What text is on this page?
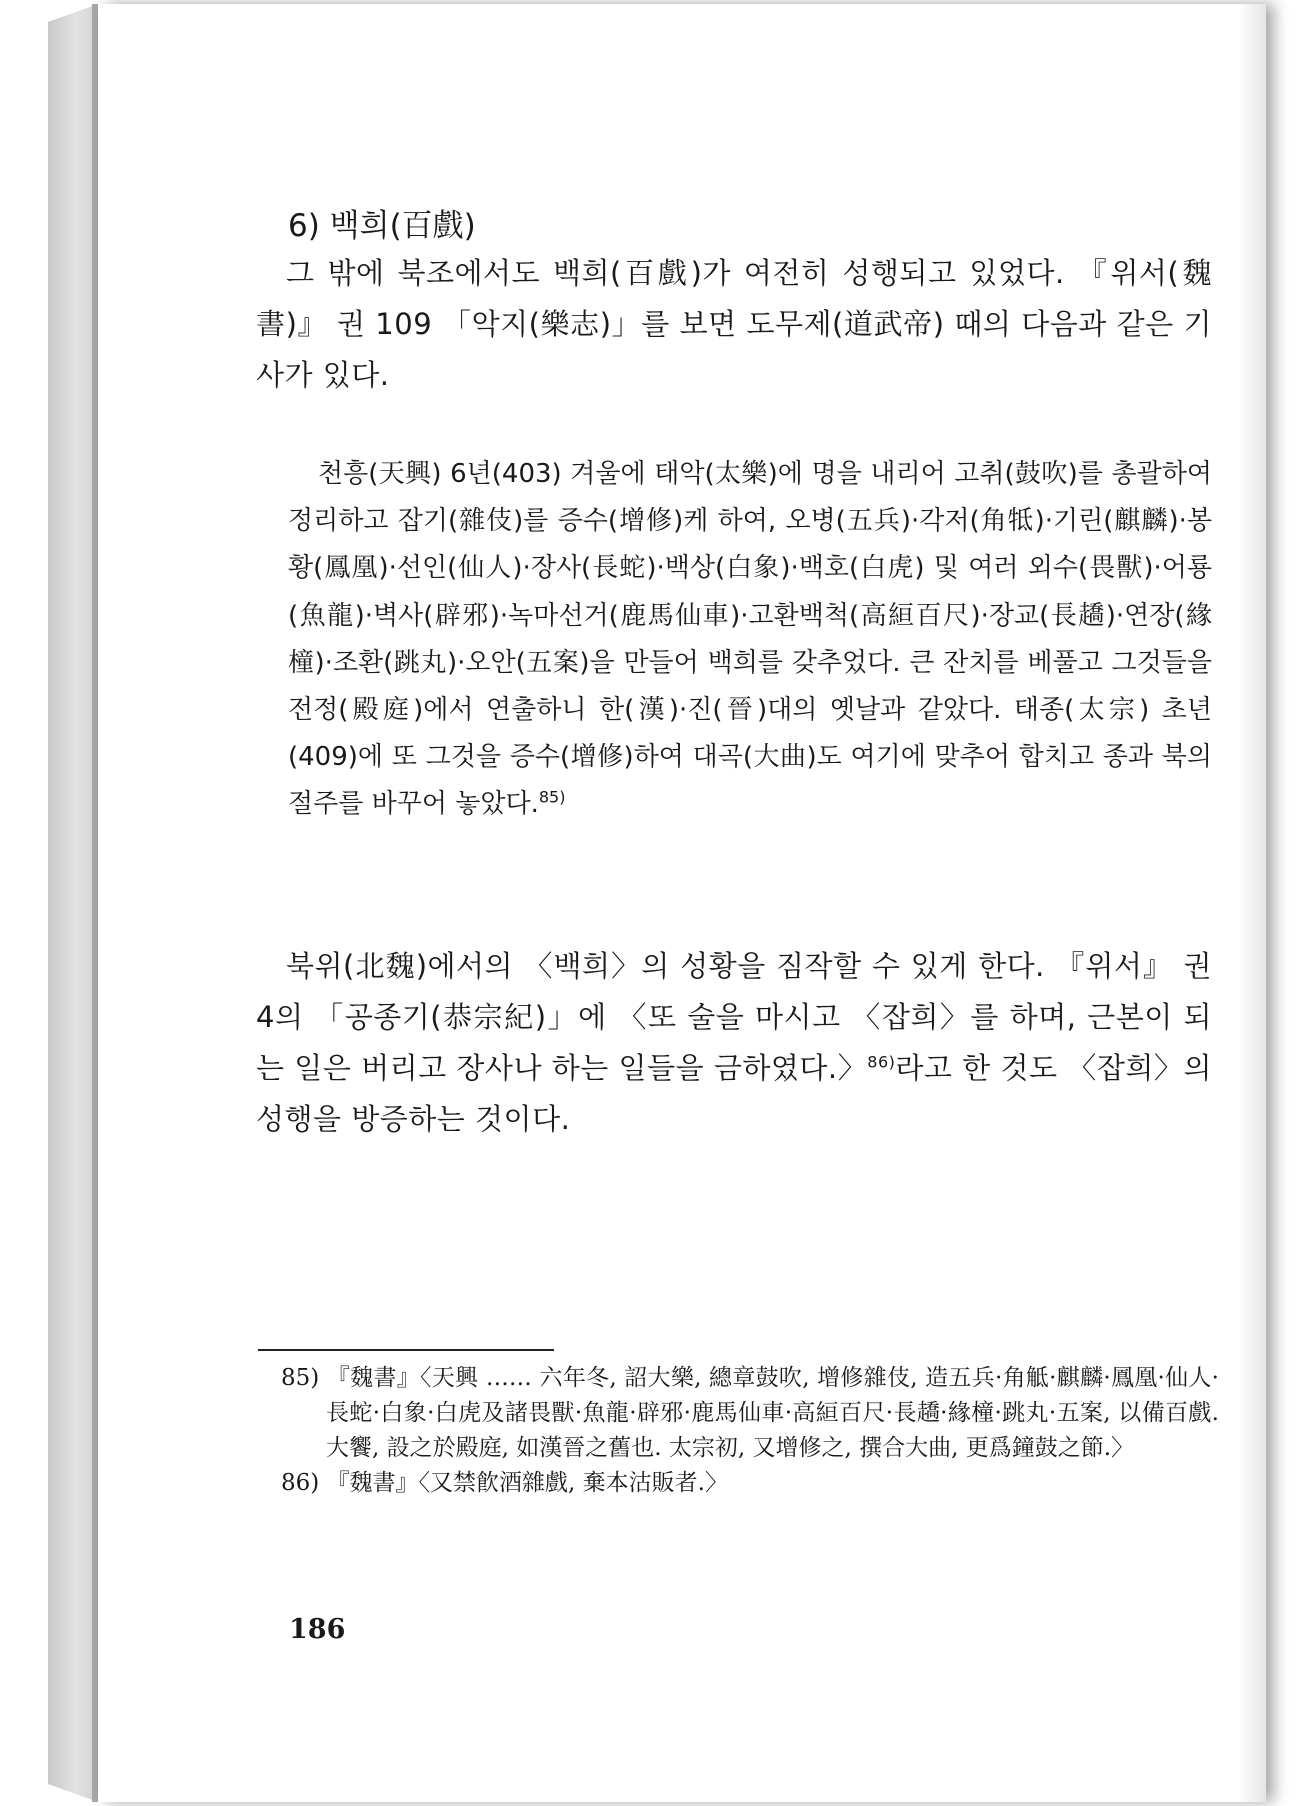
6) 백희(百戲)

그 밖에 북조에서도 백희(百戲)가 여전히 성행되고 있었다. 『위서(魏書)』 권 109 「악지(樂志)」를 보면 도무제(道武帝) 때의 다음과 같은 기사가 있다.

천흥(天興) 6년(403) 겨울에 태악(太樂)에 명을 내리어 고취(鼓吹)를 총괄하여 정리하고 잡기(雜伎)를 증수(增修)케 하여, 오병(五兵)·각저(角牴)·기린(麒麟)·봉황(鳳凰)·선인(仙人)·장사(長蛇)·백상(白象)·백호(白虎) 및 여러 외수(畏獸)·어룡(魚龍)·벽사(辟邪)·녹마선거(鹿馬仙車)·고환백척(高絙百尺)·장교(長趫)·연장(緣橦)·조환(跳丸)·오안(五案)을 만들어 백희를 갖추었다. 큰 잔치를 베풀고 그것들을 전정(殿庭)에서 연출하니 한(漢)·진(晉)대의 옛날과 같았다. 태종(太宗) 초년(409)에 또 그것을 증수(增修)하여 대곡(大曲)도 여기에 맞추어 합치고 종과 북의 절주를 바꾸어 놓았다.$^{85)}$

북위(北魏)에서의 〈백희〉의 성황을 짐작할 수 있게 한다. 『위서』 권 4의 「공종기(恭宗紀)」에 〈또 술을 마시고 〈잡희〉를 하며, 근본이 되는 일은 버리고 장사나 하는 일들을 금하였다.〉$^{86)}$라고 한 것도 〈잡희〉의 성행을 방증하는 것이다.

85) 『魏書』〈天興 …… 六年冬, 詔大樂, 總章鼓吹, 增修雜伎, 造五兵·角觝·麒麟·鳳凰·仙人·長蛇·白象·白虎及諸畏獸·魚龍·辟邪·鹿馬仙車·高絙百尺·長趫·緣橦·跳丸·五案, 以備百戲. 大饗, 設之於殿庭, 如漢晉之舊也. 太宗初, 又增修之, 撰合大曲, 更爲鐘鼓之節.〉

86) 『魏書』〈又禁飮酒雜戲, 棄本沽販者.〉

186
